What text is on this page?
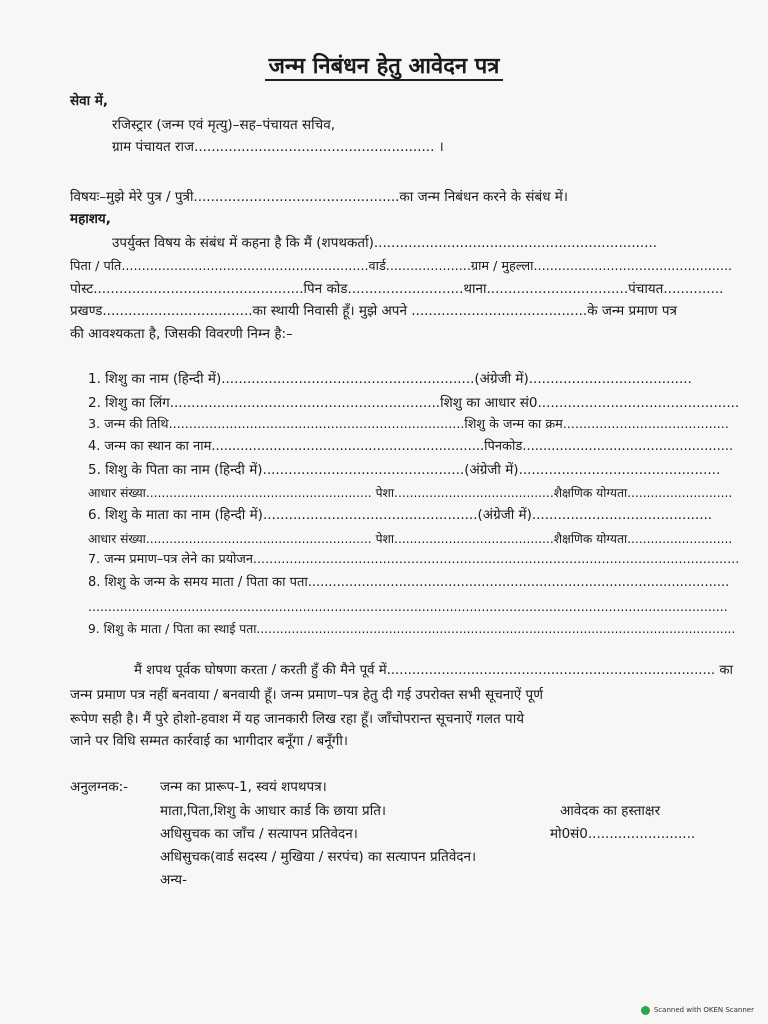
जन्म निबंधन हेतु आवेदन पत्र
सेवा में,
रजिस्ट्रार (जन्म एवं मृत्यु)–सह–पंचायत सचिव,
ग्राम पंचायत राज........................................................ ।
विषयः–मुझे मेरे पुत्र / पुत्री................................................का जन्म निबंधन करने के संबंध में।
महाशय,
उपर्युक्त विषय के संबंध में कहना है कि मैं (शपथकर्ता)..................................................................
पिता / पति.............................................................वार्ड.....................ग्राम / मुहल्ला.................................................
पोस्ट.................................................पिन कोड...........................थाना.................................पंचायत..............
प्रखण्ड...................................का स्थायी निवासी हूँ। मुझे अपने .........................................के जन्म प्रमाण पत्र
की आवश्यकता है, जिसकी विवरणी निम्न है:–
1. शिशु का नाम (हिन्दी में)...........................................................(अंग्रेजी में)......................................
2. शिशु का लिंग...............................................................शिशु का आधार सं0...............................................
3. जन्म की तिथि.........................................................................शिशु के जन्म का क्रम.........................................
4. जन्म का स्थान का नाम..................................................................पिनकोड...................................................
5. शिशु के पिता का नाम (हिन्दी में)...............................................(अंग्रेजी में)...............................................
आधार संख्या.......................................................... पेशा.........................................शैक्षणिक योग्यता...........................
6. शिशु के माता का नाम (हिन्दी में)..................................................(अंग्रेजी में)..........................................
आधार संख्या.......................................................... पेशा.........................................शैक्षणिक योग्यता...........................
7. जन्म प्रमाण–पत्र लेने का प्रयोजन........................................................................................................................
8. शिशु के जन्म के समय माता / पिता का पता......................................................................................................
.................................................................................................................................................................
9. शिशु के माता / पिता का स्थाई पता...........................................................................................................................
मैं शपथ पूर्वक घोषणा करता / करती हुँ की मैने पूर्व में.............................................................................. का
जन्म प्रमाण पत्र नहीं बनवाया / बनवायी हूँ। जन्म प्रमाण–पत्र हेतु दी गई उपरोक्त सभी सूचनाऐं पूर्ण
रूपेण सही है। मैं पुरे होशो-हवाश में यह जानकारी लिख रहा हूँ। जाँचोपरान्त सूचनाऐं गलत पाये
जाने पर विधि सम्मत कार्रवाई का भागीदार बनूँगा / बनूँगी।
अनुलग्नक:- जन्म का प्रारूप-1, स्वयं शपथपत्र।
माता,पिता,शिशु के आधार कार्ड कि छाया प्रति।
अधिसुचक का जाँच / सत्यापन प्रतिवेदन।
अधिसुचक(वार्ड सदस्य / मुखिया / सरपंच) का सत्यापन प्रतिवेदन।
अन्य-
आवेदक का हस्ताक्षर
मो0सं0.........................
Scanned with OKEN Scanner
